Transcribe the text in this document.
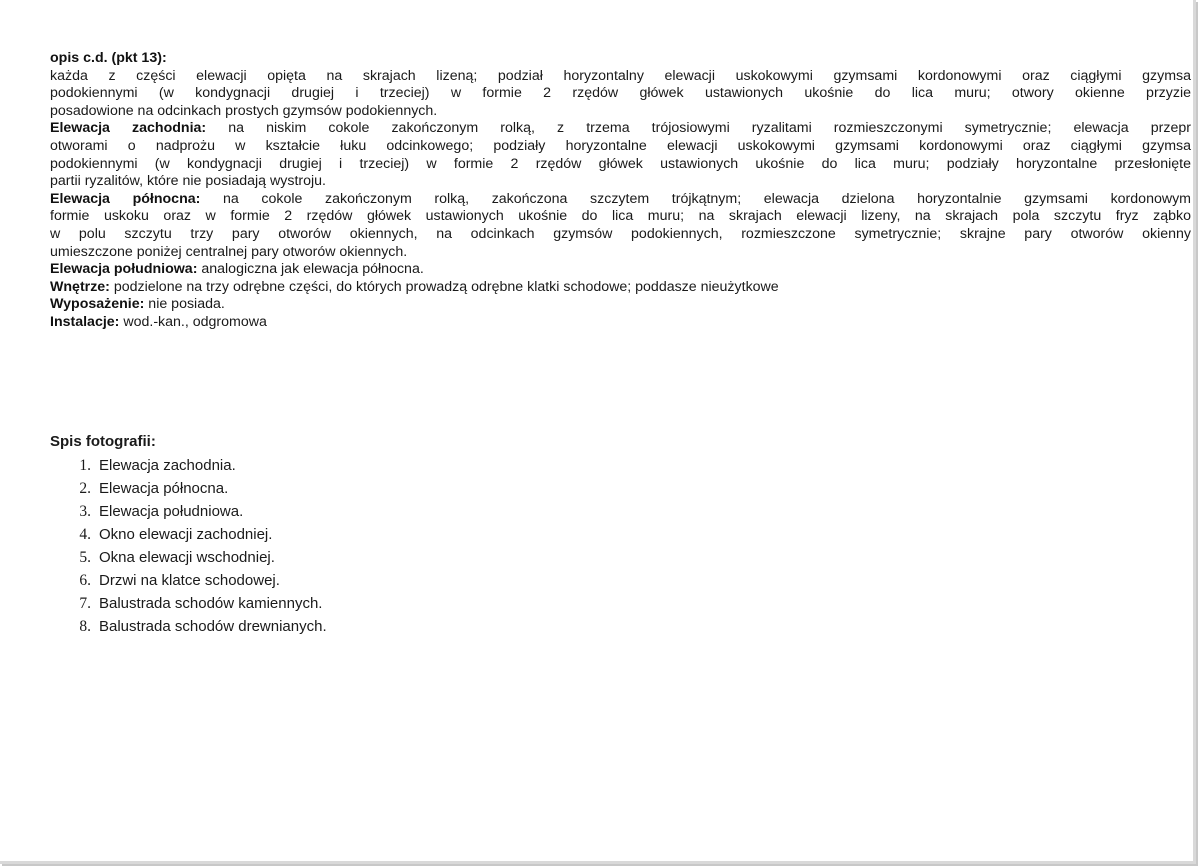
opis c.d. (pkt 13):
każda z części elewacji opięta na skrajach lizeną; podział horyzontalny elewacji uskokowymi gzymsami kordonowymi oraz ciągłymi gzymsa
podokiennymi (w kondygnacji drugiej i trzeciej) w formie 2 rzędów główek ustawionych ukośnie do lica muru; otwory okienne przyzie
posadowione na odcinkach prostych gzymsów podokiennych.
Elewacja zachodnia: na niskim cokole zakończonym rolką, z trzema trójosiowymi ryzalitami rozmieszczonymi symetrycznie; elewacja przepr
otworami o nadprożu w kształcie łuku odcinkowego; podziały horyzontalne elewacji uskokowymi gzymsami kordonowymi oraz ciągłymi gzymsa
podokiennymi (w kondygnacji drugiej i trzeciej) w formie 2 rzędów główek ustawionych ukośnie do lica muru; podziały horyzontalne przesłonięte
partii ryzalitów, które nie posiadają wystroju.
Elewacja północna: na cokole zakończonym rolką, zakończona szczytem trójkątnym; elewacja dzielona horyzontalnie gzymsami kordonowym
formie uskoku oraz w formie 2 rzędów główek ustawionych ukośnie do lica muru; na skrajach elewacji lizeny, na skrajach pola szczytu fryz ząbko
w polu szczytu trzy pary otworów okiennych, na odcinkach gzymsów podokiennych, rozmieszczone symetrycznie; skrajne pary otworów okienny
umieszczone poniżej centralnej pary otworów okiennych.
Elewacja południowa: analogiczna jak elewacja północna.
Wnętrze: podzielone na trzy odrębne części, do których prowadzą odrębne klatki schodowe; poddasze nieużytkowe
Wyposażenie: nie posiada.
Instalacje: wod.-kan., odgromowa
Spis fotografii:
1. Elewacja zachodnia.
2. Elewacja północna.
3. Elewacja południowa.
4. Okno elewacji zachodniej.
5. Okna elewacji wschodniej.
6. Drzwi na klatce schodowej.
7. Balustrada schodów kamiennych.
8. Balustrada schodów drewnianych.
